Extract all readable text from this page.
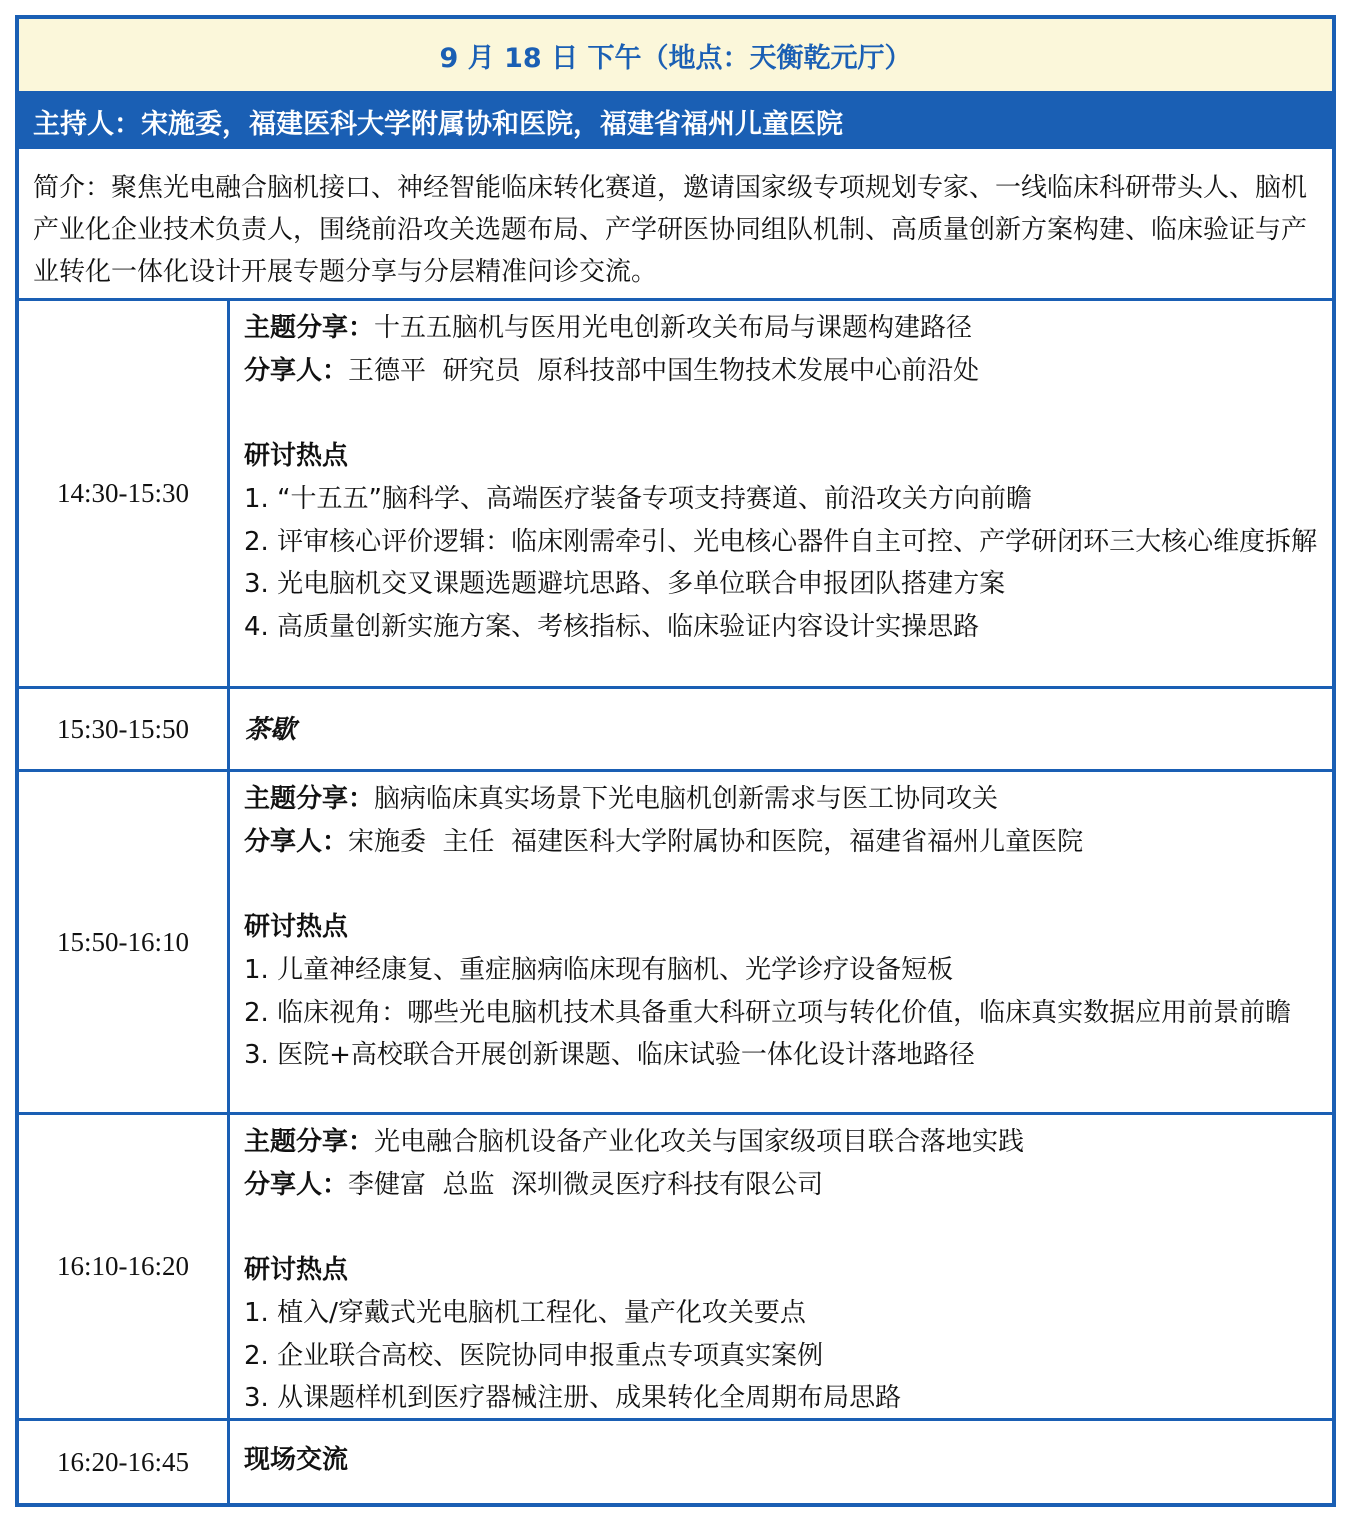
9 月 18 日 下午（地点：天衡乾元厅）
主持人：宋施委，福建医科大学附属协和医院，福建省福州儿童医院
简介：聚焦光电融合脑机接口、神经智能临床转化赛道，邀请国家级专项规划专家、一线临床科研带头人、脑机产业化企业技术负责人，围绕前沿攻关选题布局、产学研医协同组队机制、高质量创新方案构建、临床验证与产业转化一体化设计开展专题分享与分层精准问诊交流。
14:30-15:30
主题分享：十五五脑机与医用光电创新攻关布局与课题构建路径
分享人：王德平  研究员  原科技部中国生物技术发展中心前沿处
研讨热点
1. “十五五”脑科学、高端医疗装备专项支持赛道、前沿攻关方向前瞻
2. 评审核心评价逻辑：临床刚需牵引、光电核心器件自主可控、产学研闭环三大核心维度拆解
3. 光电脑机交叉课题选题避坑思路、多单位联合申报团队搭建方案
4. 高质量创新实施方案、考核指标、临床验证内容设计实操思路
15:30-15:50	茶歇
15:50-16:10
主题分享：脑病临床真实场景下光电脑机创新需求与医工协同攻关
分享人：宋施委  主任  福建医科大学附属协和医院，福建省福州儿童医院
研讨热点
1. 儿童神经康复、重症脑病临床现有脑机、光学诊疗设备短板
2. 临床视角：哪些光电脑机技术具备重大科研立项与转化价值，临床真实数据应用前景前瞻
3. 医院+高校联合开展创新课题、临床试验一体化设计落地路径
16:10-16:20
主题分享：光电融合脑机设备产业化攻关与国家级项目联合落地实践
分享人：李健富  总监  深圳微灵医疗科技有限公司
研讨热点
1. 植入/穿戴式光电脑机工程化、量产化攻关要点
2. 企业联合高校、医院协同申报重点专项真实案例
3. 从课题样机到医疗器械注册、成果转化全周期布局思路
16:20-16:45	现场交流
